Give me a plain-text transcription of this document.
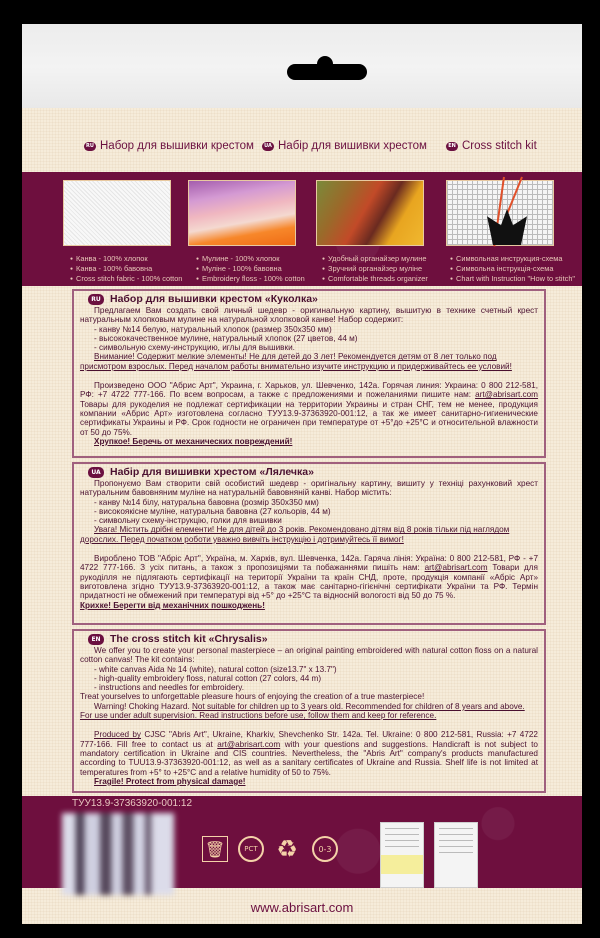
RU Набор для вышивки крестом	UA Набір для вишивки хрестом	EN Cross stitch kit
● Канва - 100% хлопок
● Канва - 100% бавовна
● Cross stitch fabric - 100% cotton
● Мулине - 100% хлопок
● Муліне - 100% бавовна
● Embroidery floss - 100% cotton
● Удобный органайзер мулине
● Зручний органайзер муліне
● Comfortable threads organizer
● Символьная инструкция-схема
● Символьна інструкція-схема
● Chart with Instruction "How to stitch"
RU Набор для вышивки крестом «Куколка»

Предлагаем Вам создать свой личный шедевр - оригинальную картину, вышитую в технике счетный крест натуральным хлопковым мулине на натуральной хлопковой канве! Набор содержит:

- канву №14 белую, натуральный хлопок (размер 350х350 мм)

- высококачественное мулине, натуральный хлопок (27 цветов, 44 м)

- символьную схему-инструкцию, иглы для вышивки.

Внимание! Содержит мелкие элементы! Не для детей до 3 лет! Рекомендуется детям от 8 лет только под присмотром взрослых. Перед началом работы внимательно изучите инструкцию и придерживайтесь ее условий!

Произведено ООО "Абрис Арт", Украина, г. Харьков, ул. Шевченко, 142а. Горячая линия: Украина: 0 800 212-581, РФ: +7 4722 777-166. По всем вопросам, а также с предложениями и пожеланиями пишите нам: art@abrisart.com Товары для рукоделия не подлежат сертификации на территории Украины и стран СНГ, тем не менее, продукция компании «Абрис Арт» изготовлена согласно ТУУ13.9-37363920-001:12, а так же имеет санитарно-гигиенические сертификаты Украины и РФ. Срок годности не ограничен при температуре от +5°до +25°С и относительной влажности от 50 до 75%.

Хрупкое! Беречь от механических повреждений!

UA Набір для вишивки хрестом «Лялечка»

Пропонуємо Вам створити свій особистий шедевр - оригінальну картину, вишиту у техніці рахунковий хрест натуральним бавовняним муліне на натуральній бавовняній канві. Набор містить:

- канву №14 білу, натуральна бавовна (розмір 350х350 мм)

- високоякісне муліне, натуральна бавовна (27 кольорів, 44 м)

- символьну схему-інструкцію, голки для вишивки

Увага! Містить дрібні елементи! Не для дітей до 3 років. Рекомендовано дітям від 8 років тільки під наглядом дорослих. Перед початком роботи уважно вивчіть інструкцію і дотримуйтесь її вимог!

Вироблено ТОВ "Абріс Арт", Україна, м. Харків, вул. Шевченка, 142а. Гаряча лінія: Україна: 0 800 212-581, РФ - +7 4722 777-166. З усіх питань, а також з пропозиціями та побажаннями пишіть нам: art@abrisart.com Товари для рукоділля не підлягають сертифікації на території України та країн СНД, проте, продукція компанії «Абріс Арт» виготовлена згідно ТУУ13.9-37363920-001:12, а також має санітарно-гігієнічні сертифікати України та РФ. Термін придатності не обмежений при температурі від +5° до +25°С та відносній вологості від 50 до 75 %.

Крихке! Берегти від механічних пошкоджень!

EN The cross stitch kit «Chrysalis»

We offer you to create your personal masterpiece – an original painting embroidered with natural cotton floss on a natural cotton canvas! The kit contains:

- white canvas Aida № 14 (white), natural cotton (size13.7" x 13.7")

- high-quality embroidery floss, natural cotton (27 colors, 44 m)

- instructions and needles for embroidery.

Treat yourselves to unforgettable pleasure hours of enjoying the creation of a true masterpiece!

Warning! Choking Hazard. Not suitable for children up to 3 years old. Recommended for children of 8 years and above. For use under adult supervision. Read instructions before use, follow them and keep for reference.

Produced by CJSC "Abris Art", Ukraine, Kharkiv, Shevchenko Str. 142a. Tel. Ukraine: 0 800 212-581, Russia: +7 4722 777-166. Fill free to contact us at art@abrisart.com with your questions and suggestions. Handicraft is not subject to mandatory certification in Ukraine and CIS countries. Nevertheless, the "Abris Art" company's products manufactured according to TUU13.9-37363920-001:12, as well as a sanitary certificates of Ukraine and Russia. Shelf life is not limited at temperatures from +5° to +25°C and a relative humidity of 50 to 75%.

Fragile! Protect from physical damage!

ТУУ13.9-37363920-001:12
🗑	РСТ ♻	0-3
www.abrisart.com
